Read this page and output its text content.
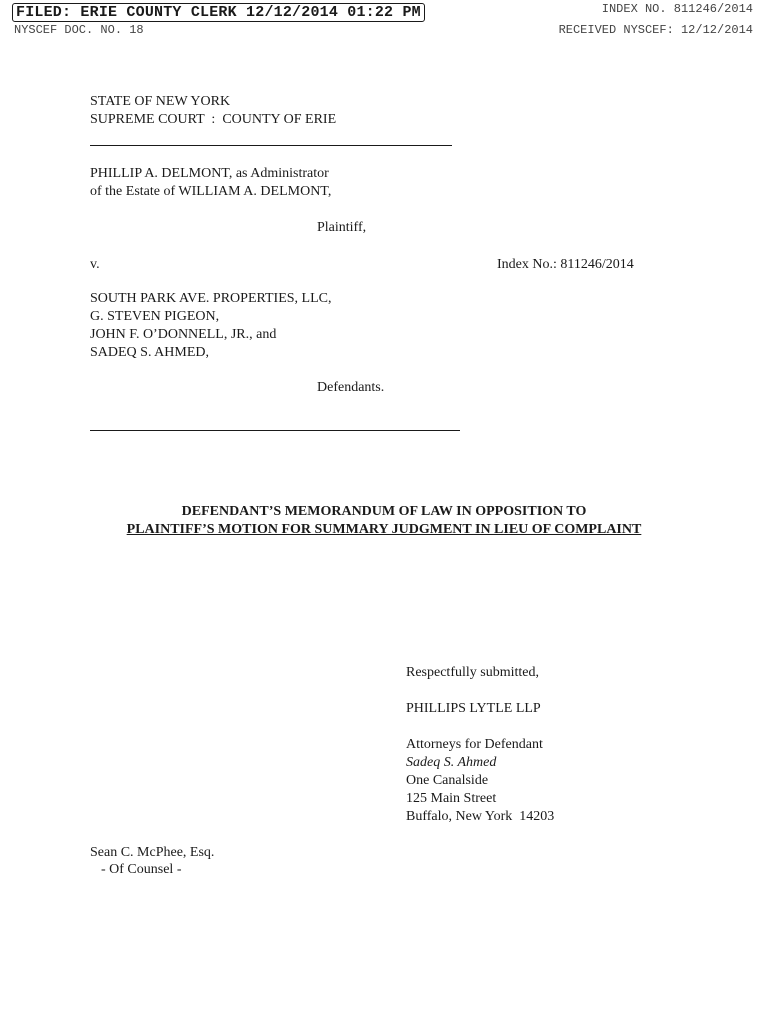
FILED: ERIE COUNTY CLERK 12/12/2014 01:22 PM
NYSCEF DOC. NO. 18
INDEX NO. 811246/2014
RECEIVED NYSCEF: 12/12/2014
STATE OF NEW YORK
SUPREME COURT  :  COUNTY OF ERIE
PHILLIP A. DELMONT, as Administrator
of the Estate of WILLIAM A. DELMONT,
Plaintiff,
v.	Index No.: 811246/2014
SOUTH PARK AVE. PROPERTIES, LLC,
G. STEVEN PIGEON,
JOHN F. O’DONNELL, JR., and
SADEQ S. AHMED,
Defendants.
DEFENDANT’S MEMORANDUM OF LAW IN OPPOSITION TO
PLAINTIFF’S MOTION FOR SUMMARY JUDGMENT IN LIEU OF COMPLAINT
Respectfully submitted,
PHILLIPS LYTLE LLP
Attorneys for Defendant
Sadeq S. Ahmed
One Canalside
125 Main Street
Buffalo, New York  14203
Sean C. McPhee, Esq.
- Of Counsel -
